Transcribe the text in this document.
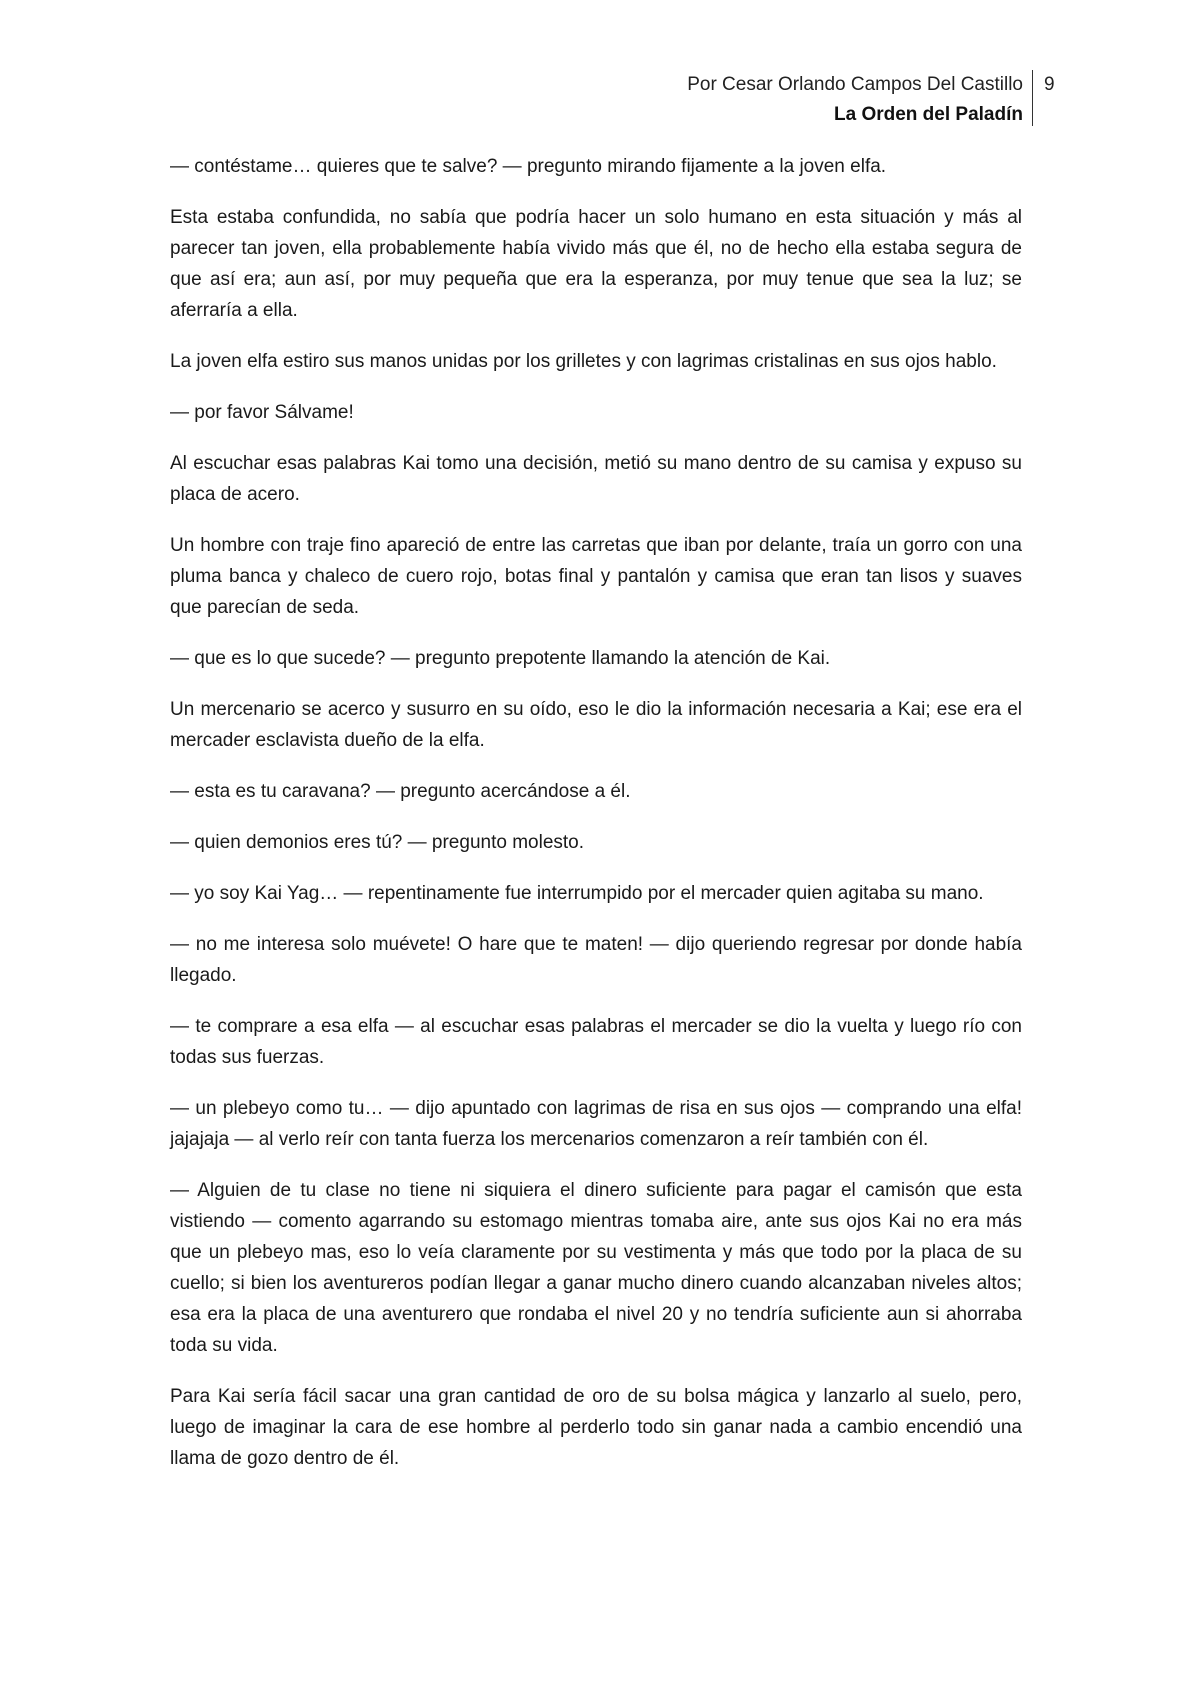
Por Cesar Orlando Campos Del Castillo
La Orden del Paladín
9

— contéstame… quieres que te salve? — pregunto mirando fijamente a la joven elfa.

Esta estaba confundida, no sabía que podría hacer un solo humano en esta situación y más al parecer tan joven, ella probablemente había vivido más que él, no de hecho ella estaba segura de que así era; aun así, por muy pequeña que era la esperanza, por muy tenue que sea la luz; se aferraría a ella.

La joven elfa estiro sus manos unidas por los grilletes y con lagrimas cristalinas en sus ojos hablo.

— por favor Sálvame!

Al escuchar esas palabras Kai tomo una decisión, metió su mano dentro de su camisa y expuso su placa de acero.

Un hombre con traje fino apareció de entre las carretas que iban por delante, traía un gorro con una pluma banca y chaleco de cuero rojo, botas final y pantalón y camisa que eran tan lisos y suaves que parecían de seda.

— que es lo que sucede? — pregunto prepotente llamando la atención de Kai.

Un mercenario se acerco y susurro en su oído, eso le dio la información necesaria a Kai; ese era el mercader esclavista dueño de la elfa.

— esta es tu caravana? — pregunto acercándose a él.

— quien demonios eres tú? — pregunto molesto.

— yo soy Kai Yag… — repentinamente fue interrumpido por el mercader quien agitaba su mano.

— no me interesa solo muévete! O hare que te maten! — dijo queriendo regresar por donde había llegado.

— te comprare a esa elfa — al escuchar esas palabras el mercader se dio la vuelta y luego río con todas sus fuerzas.

— un plebeyo como tu… — dijo apuntado con lagrimas de risa en sus ojos — comprando una elfa! jajajaja — al verlo reír con tanta fuerza los mercenarios comenzaron a reír también con él.

— Alguien de tu clase no tiene ni siquiera el dinero suficiente para pagar el camisón que esta vistiendo — comento agarrando su estomago mientras tomaba aire, ante sus ojos Kai no era más que un plebeyo mas, eso lo veía claramente por su vestimenta y más que todo por la placa de su cuello; si bien los aventureros podían llegar a ganar mucho dinero cuando alcanzaban niveles altos; esa era la placa de una aventurero que rondaba el nivel 20 y no tendría suficiente aun si ahorraba toda su vida.

Para Kai sería fácil sacar una gran cantidad de oro de su bolsa mágica y lanzarlo al suelo, pero, luego de imaginar la cara de ese hombre al perderlo todo sin ganar nada a cambio encendió una llama de gozo dentro de él.
